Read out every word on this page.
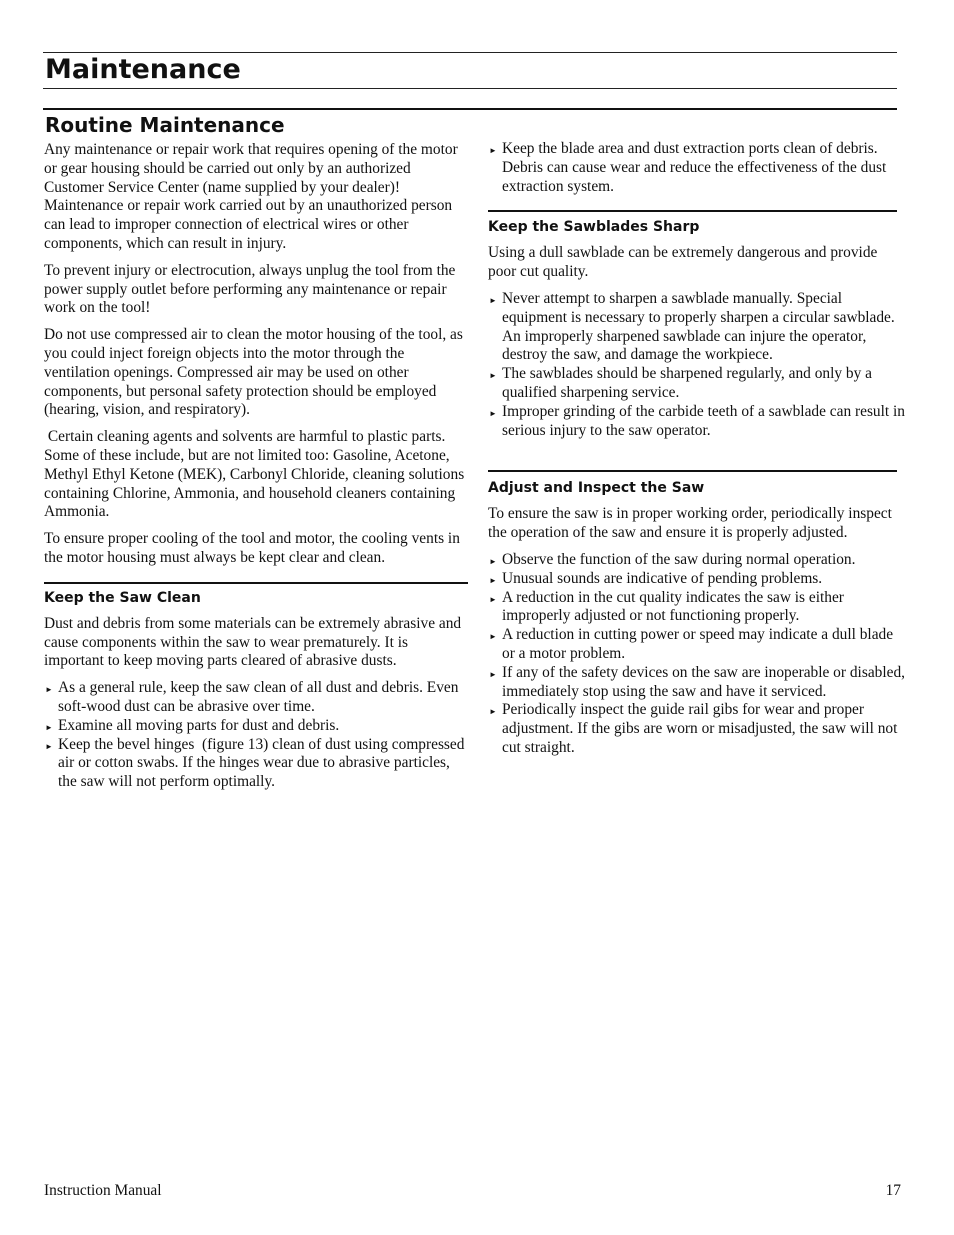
Maintenance
Routine Maintenance

Any maintenance or repair work that requires opening of the motor or gear housing should be carried out only by an authorized Customer Service Center (name supplied by your dealer)! Maintenance or repair work carried out by an unauthorized person can lead to improper connection of electrical wires or other components, which can result in injury.

To prevent injury or electrocution, always unplug the tool from the power supply outlet before performing any maintenance or repair work on the tool!

Do not use compressed air to clean the motor housing of the tool, as you could inject foreign objects into the motor through the ventilation openings. Compressed air may be used on other components, but personal safety protection should be employed (hearing, vision, and respiratory).

Certain cleaning agents and solvents are harmful to plastic parts. Some of these include, but are not limited too: Gasoline, Acetone, Methyl Ethyl Ketone (MEK), Carbonyl Chloride, cleaning solutions containing Chlorine, Ammonia, and household cleaners containing Ammonia.

To ensure proper cooling of the tool and motor, the cooling vents in the motor housing must always be kept clear and clean.

Keep the Saw Clean

Dust and debris from some materials can be extremely abrasive and cause components within the saw to wear prematurely. It is important to keep moving parts cleared of abrasive dusts.

► As a general rule, keep the saw clean of all dust and debris. Even soft-wood dust can be abrasive over time.
► Examine all moving parts for dust and debris.
► Keep the bevel hinges  (figure 13) clean of dust using compressed air or cotton swabs. If the hinges wear due to abrasive particles, the saw will not perform optimally.
► Keep the blade area and dust extraction ports clean of debris. Debris can cause wear and reduce the effectiveness of the dust extraction system.
Keep the Sawblades Sharp

Using a dull sawblade can be extremely dangerous and provide poor cut quality.

► Never attempt to sharpen a sawblade manually. Special equipment is necessary to properly sharpen a circular sawblade. An improperly sharpened sawblade can injure the operator, destroy the saw, and damage the workpiece.
► The sawblades should be sharpened regularly, and only by a qualified sharpening service.
► Improper grinding of the carbide teeth of a sawblade can result in serious injury to the saw operator.
Adjust and Inspect the Saw

To ensure the saw is in proper working order, periodically inspect the operation of the saw and ensure it is properly adjusted.

► Observe the function of the saw during normal operation.
► Unusual sounds are indicative of pending problems.
► A reduction in the cut quality indicates the saw is either improperly adjusted or not functioning properly.
► A reduction in cutting power or speed may indicate a dull blade or a motor problem.
► If any of the safety devices on the saw are inoperable or disabled, immediately stop using the saw and have it serviced.
► Periodically inspect the guide rail gibs for wear and proper adjustment. If the gibs are worn or misadjusted, the saw will not cut straight.
Instruction Manual	17
